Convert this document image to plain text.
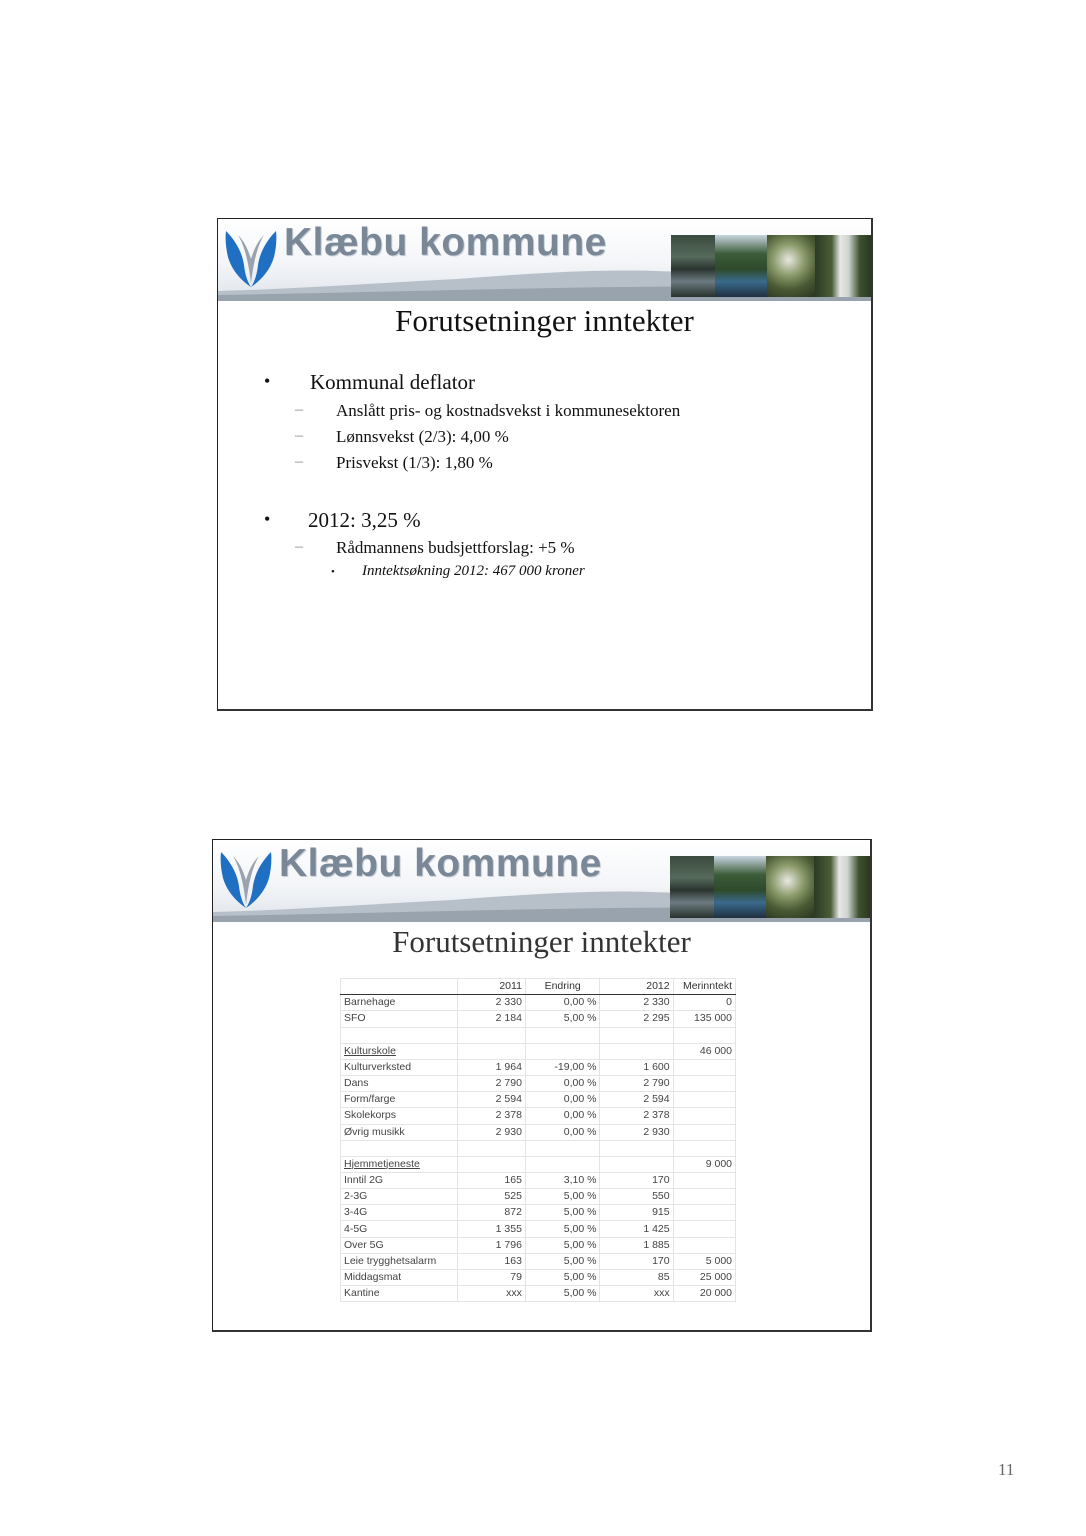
Klæbu kommune
Forutsetninger inntekter
• Kommunal deflator
– Anslått pris- og kostnadsvekst i kommunesektoren
– Lønnsvekst (2/3): 4,00 %
– Prisvekst (1/3): 1,80 %
• 2012: 3,25 %
– Rådmannens budsjettforslag: +5 %
• Inntektsøkning 2012: 467 000 kroner
Klæbu kommune
Forutsetninger inntekter
	2011	Endring	2012	Merinntekt
Barnehage	2 330	0,00 %	2 330	0
SFO	2 184	5,00 %	2 295	135 000

Kulturskole				46 000
Kulturverksted	1 964	-19,00 %	1 600	
Dans	2 790	0,00 %	2 790	
Form/farge	2 594	0,00 %	2 594	
Skolekorps	2 378	0,00 %	2 378	
Øvrig musikk	2 930	0,00 %	2 930	

Hjemmetjeneste				9 000
Inntil 2G	165	3,10 %	170	
2-3G	525	5,00 %	550	
3-4G	872	5,00 %	915	
4-5G	1 355	5,00 %	1 425	
Over 5G	1 796	5,00 %	1 885	
Leie trygghetsalarm	163	5,00 %	170	5 000
Middagsmat	79	5,00 %	85	25 000
Kantine	xxx	5,00 %	xxx	20 000
11
